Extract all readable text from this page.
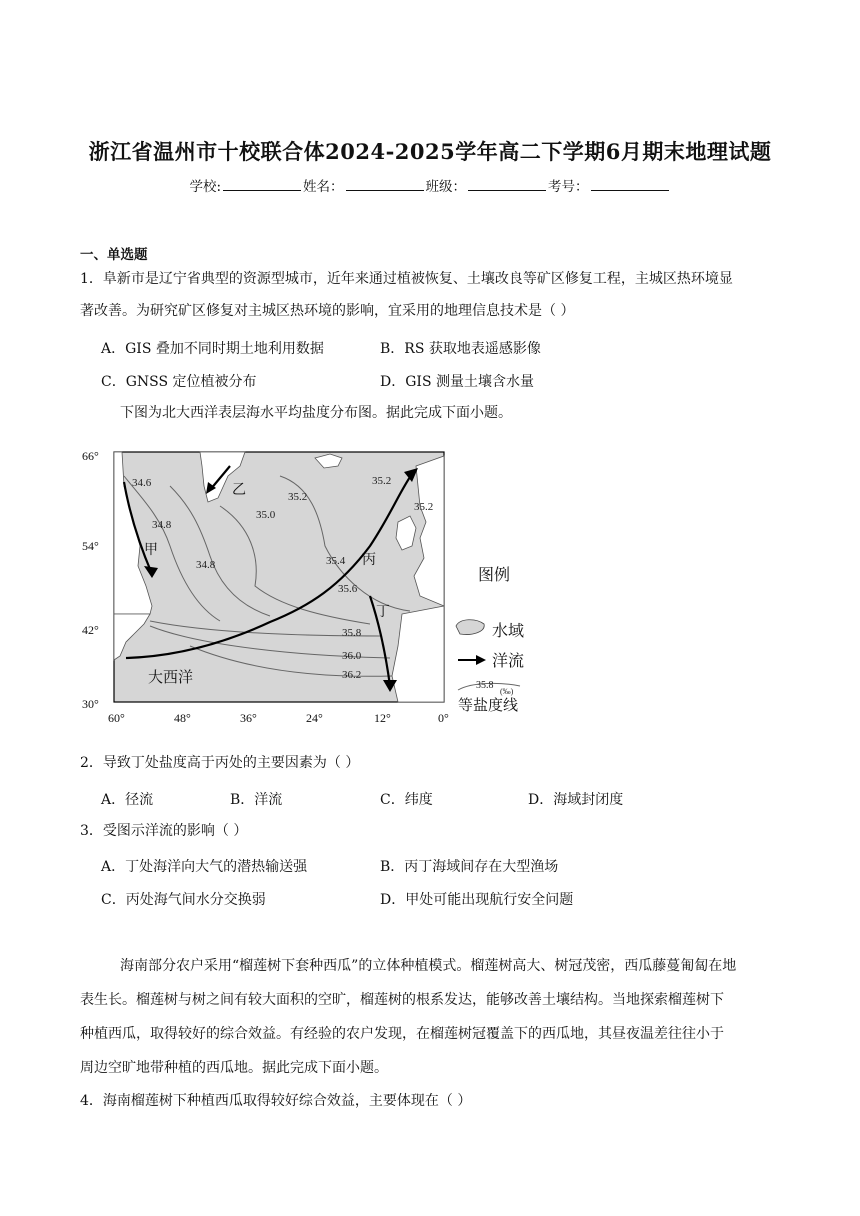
浙江省温州市十校联合体2024-2025学年高二下学期6月期末地理试题
学校:	姓名：	班级：	考号：
一、单选题
1．阜新市是辽宁省典型的资源型城市，近年来通过植被恢复、土壤改良等矿区修复工程，主城区热环境显
著改善。为研究矿区修复对主城区热环境的影响，宜采用的地理信息技术是（ ）
A．GIS 叠加不同时期土地利用数据	B．RS 获取地表遥感影像
C．GNSS 定位植被分布	D．GIS 测量土壤含水量
下图为北大西洋表层海水平均盐度分布图。据此完成下面小题。
34.6
34.8
34.8
35.0
35.2
35.2
35.2
35.4
35.6
35.8
36.0
36.2
甲
乙
丙
丁
大西洋
66°
54°
42°
30°
60°	48°	36°	24°	12°	0°
图例
水域
洋流
35.8
(‰)
等盐度线
2．导致丁处盐度高于丙处的主要因素为（ ）
A．径流	B．洋流	C．纬度	D．海域封闭度
3．受图示洋流的影响（ ）
A．丁处海洋向大气的潜热输送强	B．丙丁海域间存在大型渔场
C．丙处海气间水分交换弱	D．甲处可能出现航行安全问题
海南部分农户采用“榴莲树下套种西瓜”的立体种植模式。榴莲树高大、树冠茂密，西瓜藤蔓匍匐在地
表生长。榴莲树与树之间有较大面积的空旷，榴莲树的根系发达，能够改善土壤结构。当地探索榴莲树下
种植西瓜，取得较好的综合效益。有经验的农户发现，在榴莲树冠覆盖下的西瓜地，其昼夜温差往往小于
周边空旷地带种植的西瓜地。据此完成下面小题。
4．海南榴莲树下种植西瓜取得较好综合效益，主要体现在（ ）
